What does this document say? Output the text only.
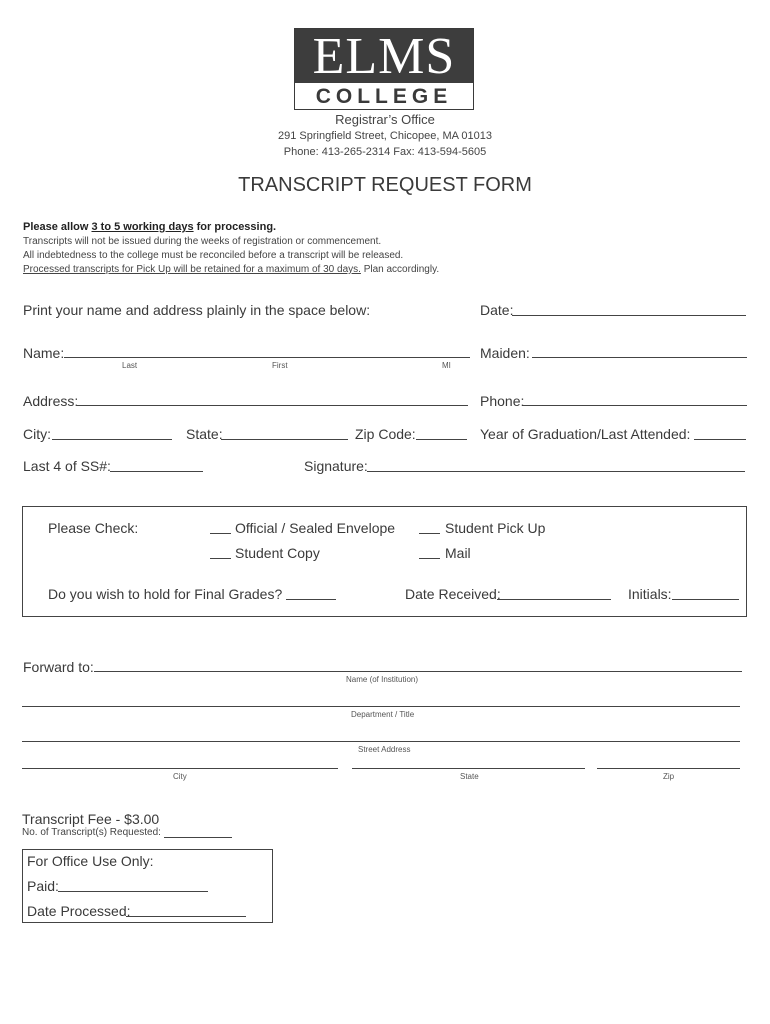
ELMS
COLLEGE
Registrar’s Office
291 Springfield Street, Chicopee, MA 01013
Phone: 413-265-2314 Fax: 413-594-5605
TRANSCRIPT REQUEST FORM
Please allow 3 to 5 working days for processing.
Transcripts will not be issued during the weeks of registration or commencement.
All indebtedness to the college must be reconciled before a transcript will be released.
Processed transcripts for Pick Up will be retained for a maximum of 30 days. Plan accordingly.
Print your name and address plainly in the space below:	Date:
Name:
Last	First	MI
Maiden:
Address:	Phone:
City:	State:	Zip Code:	Year of Graduation/Last Attended:
Last 4 of SS#:	Signature:
Please Check:	Official / Sealed Envelope	Student Pick Up
Student Copy	Mail
Do you wish to hold for Final Grades?	Date Received:	Initials:
Forward to:
Name (of Institution)
Department / Title
Street Address
City	State	Zip
Transcript Fee - $3.00
No. of Transcript(s) Requested:
For Office Use Only:
Paid:
Date Processed:
